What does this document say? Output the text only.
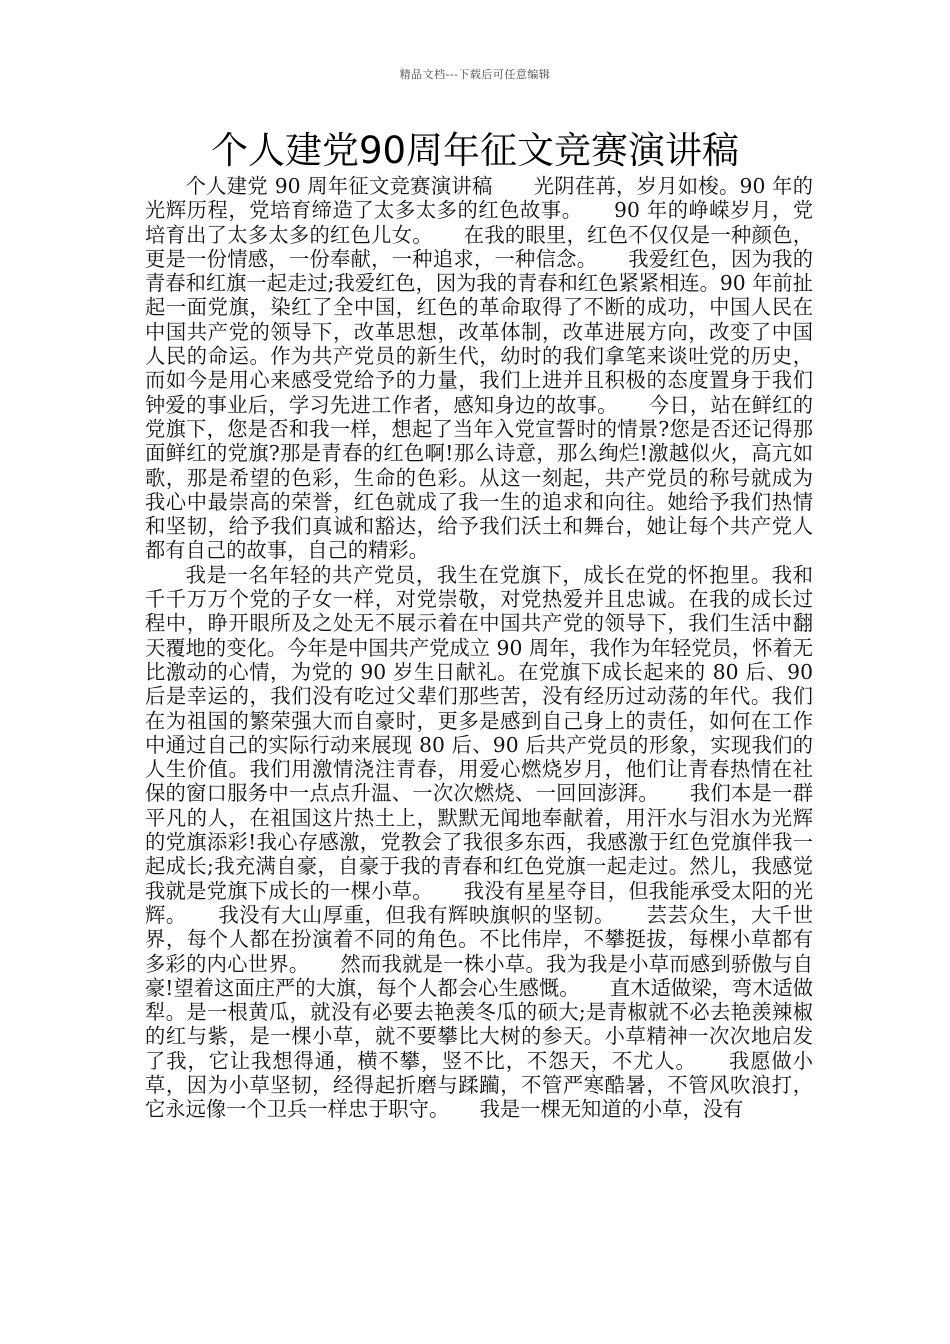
精品文档---下载后可任意编辑
个人建党90周年征文竞赛演讲稿

个人建党 90 周年征文竞赛演讲稿　　光阴荏苒，岁月如梭。90 年的光辉历程，党培育缔造了太多太多的红色故事。　　90 年的峥嵘岁月，党培育出了太多太多的红色儿女。　　在我的眼里，红色不仅仅是一种颜色，更是一份情感，一份奉献，一种追求，一种信念。　　我爱红色，因为我的青春和红旗一起走过;我爱红色，因为我的青春和红色紧紧相连。90 年前扯起一面党旗，染红了全中国，红色的革命取得了不断的成功，中国人民在中国共产党的领导下，改革思想，改革体制，改革进展方向，改变了中国人民的命运。作为共产党员的新生代，幼时的我们拿笔来谈吐党的历史，而如今是用心来感受党给予的力量，我们上进并且积极的态度置身于我们钟爱的事业后，学习先进工作者，感知身边的故事。　　今日，站在鲜红的党旗下，您是否和我一样，想起了当年入党宣誓时的情景?您是否还记得那面鲜红的党旗?那是青春的红色啊!那么诗意，那么绚烂!激越似火，高亢如歌，那是希望的色彩，生命的色彩。从这一刻起，共产党员的称号就成为我心中最崇高的荣誉，红色就成了我一生的追求和向往。她给予我们热情和坚韧，给予我们真诚和豁达，给予我们沃土和舞台，她让每个共产党人都有自己的故事，自己的精彩。

我是一名年轻的共产党员，我生在党旗下，成长在党的怀抱里。我和千千万万个党的子女一样，对党崇敬，对党热爱并且忠诚。在我的成长过程中，睁开眼所及之处无不展示着在中国共产党的领导下，我们生活中翻天覆地的变化。今年是中国共产党成立 90 周年，我作为年轻党员，怀着无比激动的心情，为党的 90 岁生日献礼。在党旗下成长起来的 80 后、90 后是幸运的，我们没有吃过父辈们那些苦，没有经历过动荡的年代。我们在为祖国的繁荣强大而自豪时，更多是感到自己身上的责任，如何在工作中通过自己的实际行动来展现 80 后、90 后共产党员的形象，实现我们的人生价值。我们用激情浇注青春，用爱心燃烧岁月，他们让青春热情在社保的窗口服务中一点点升温、一次次燃烧、一回回澎湃。　　我们本是一群平凡的人，在祖国这片热土上，默默无闻地奉献着，用汗水与泪水为光辉的党旗添彩!我心存感激，党教会了我很多东西，我感激于红色党旗伴我一起成长;我充满自豪，自豪于我的青春和红色党旗一起走过。然儿，我感觉我就是党旗下成长的一棵小草。　　我没有星星夺目，但我能承受太阳的光辉。　　我没有大山厚重，但我有辉映旗帜的坚韧。　　芸芸众生，大千世界，每个人都在扮演着不同的角色。不比伟岸，不攀挺拔，每棵小草都有多彩的内心世界。　　然而我就是一株小草。我为我是小草而感到骄傲与自豪!望着这面庄严的大旗，每个人都会心生感慨。　　直木适做梁，弯木适做犁。是一根黄瓜，就没有必要去艳羡冬瓜的硕大;是青椒就不必去艳羡辣椒的红与紫，是一棵小草，就不要攀比大树的参天。小草精神一次次地启发了我，它让我想得通，横不攀，竖不比，不怨天，不尤人。　　我愿做小草，因为小草坚韧，经得起折磨与蹂躏，不管严寒酷暑，不管风吹浪打，它永远像一个卫兵一样忠于职守。　　我是一棵无知道的小草，没有
